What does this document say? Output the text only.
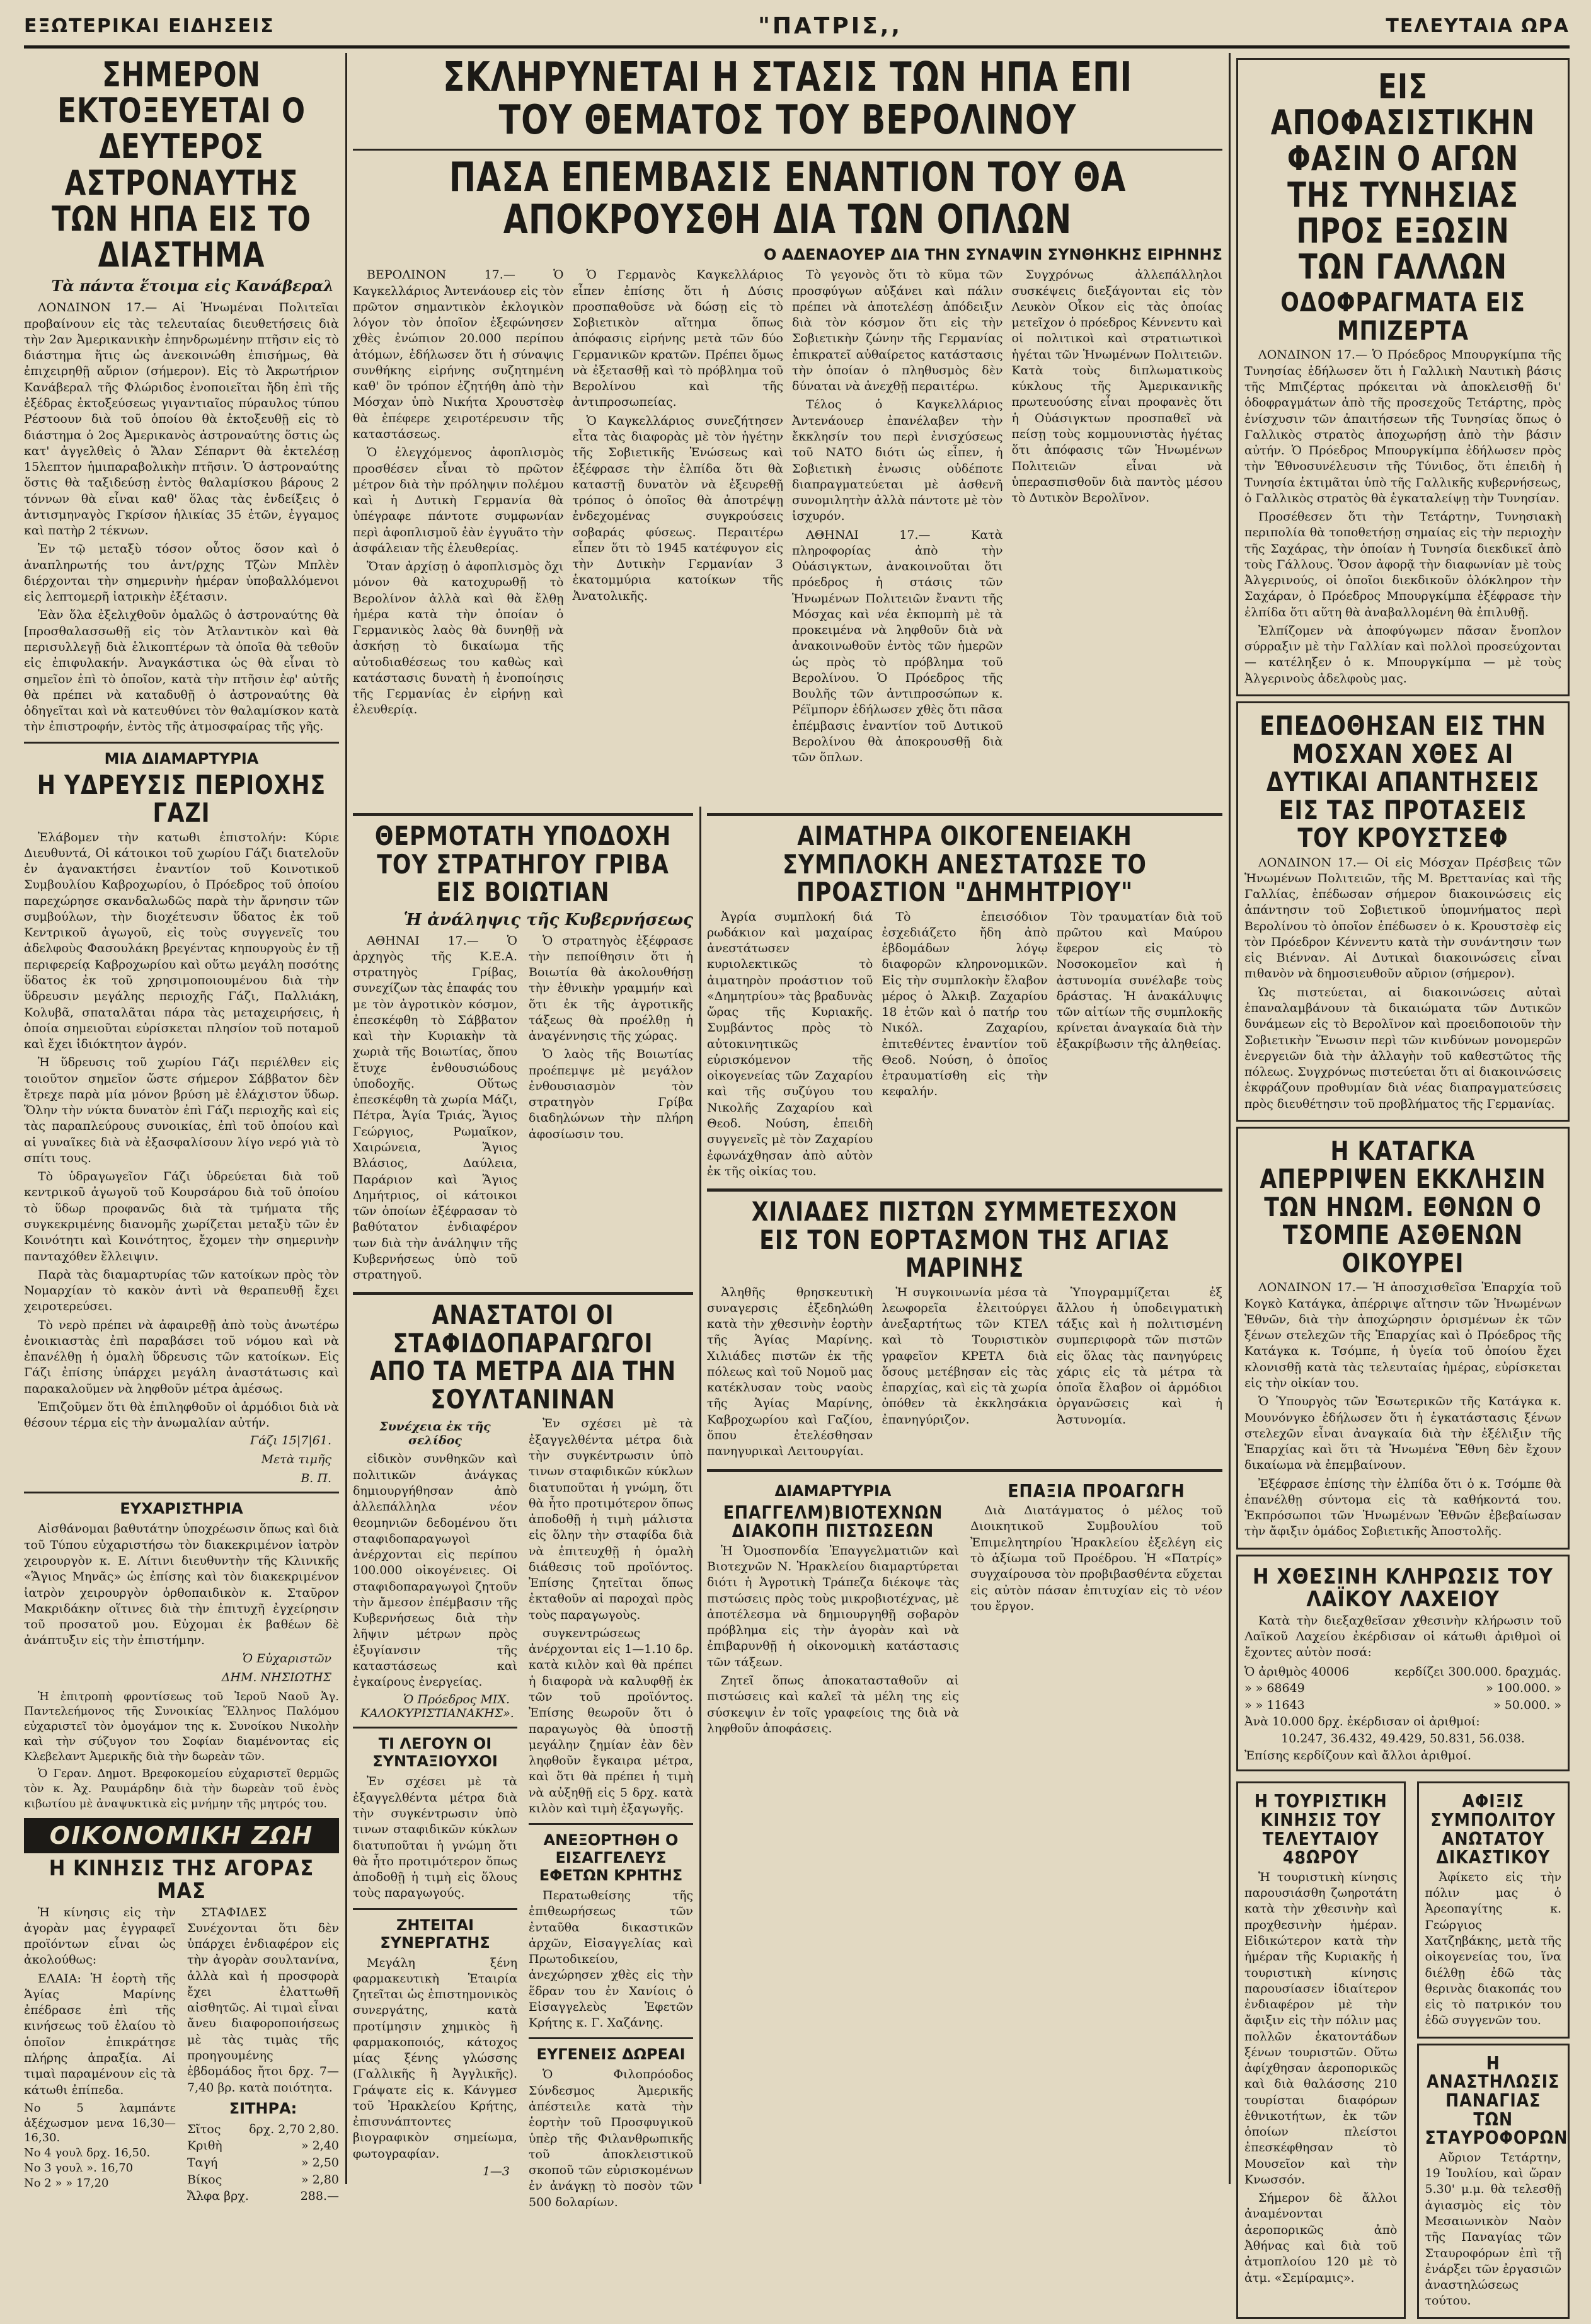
ΕΞΩΤΕΡΙΚΑΙ ΕΙΔΗΣΕΙΣ	"ΠΑΤΡΙΣ,,	ΤΕΛΕΥΤΑΙΑ ΩΡΑ
ΣΗΜΕΡΟΝ ΕΚΤΟΞΕΥΕΤΑΙ Ο ΔΕΥΤΕΡΟΣ ΑΣΤΡΟΝΑΥΤΗΣ ΤΩΝ ΗΠΑ ΕΙΣ ΤΟ ΔΙΑΣΤΗΜΑ
Τὰ πάντα ἕτοιμα εἰς Κανάβεραλ

ΛΟΝΔΙΝΟΝ 17.— Αἱ Ἡνωμέναι Πολιτεῖαι προβαίνουν εἰς τὰς τελευταίας διευθετήσεις διὰ τὴν 2αν Ἀμερικανικὴν ἐπηνδρωμένην πτῆσιν εἰς τὸ διάστημα ἥτις ὡς ἀνεκοινώθη ἐπισήμως, θὰ ἐπιχειρηθῇ αὔριον (σήμερον). Εἰς τὸ Ἀκρωτήριον Κανάβεραλ τῆς Φλώριδος ἐνοποιεῖται ἤδη ἐπὶ τῆς ἐξέδρας ἐκτοξεύσεως γιγαντιαῖος πύραυλος τύπου Ρέστοουν διὰ τοῦ ὁποίου θὰ ἐκτοξευθῇ εἰς τὸ διάστημα ὁ 2ος Ἀμερικανὸς ἀστροναύτης ὅστις ὡς κατ' ἀγγελθεὶς ὁ Ἄλαν Σέπαρντ θὰ ἐκτελέσῃ 15λεπτον ἡμιπαραβολικὴν πτῆσιν. Ὁ ἀστροναύτης ὅστις θὰ ταξιδεύσῃ ἐντὸς θαλαμίσκου βάρους 2 τόννων θὰ εἶναι καθ' ὅλας τὰς ἐνδείξεις ὁ ἀντισμηναγὸς Γκρίσον ἡλικίας 35 ἐτῶν, ἐγγαμος καὶ πατὴρ 2 τέκνων.

Ἐν τῷ μεταξὺ τόσον οὗτος ὅσον καὶ ὁ ἀναπληρωτής του ἀντ/ρχης Τζὼν Μπλὲν διέρχονται τὴν σημερινὴν ἡμέραν ὑποβαλλόμενοι εἰς λεπτομερῆ ἰατρικὴν ἐξέτασιν.

Ἐὰν ὅλα ἐξελιχθοῦν ὁμαλῶς ὁ ἀστροναύτης θὰ [προσθαλασσωθῇ εἰς τὸν Ἀτλαντικὸν καὶ θὰ περισυλλεγῇ διὰ ἑλικοπτέρων τὰ ὁποῖα θὰ τεθοῦν εἰς ἐπιφυλακήν. Ἀναγκάστικα ὡς θὰ εἶναι τὸ σημεῖον ἐπὶ τὸ ὁποῖον, κατὰ τὴν πτῆσιν ἐφ' αὐτῆς θὰ πρέπει νὰ καταδυθῇ ὁ ἀστροναύτης θὰ ὁδηγεῖται καὶ νὰ κατευθύνει τὸν θαλαμίσκον κατὰ τὴν ἐπιστροφήν, ἐντὸς τῆς ἀτμοσφαίρας τῆς γῆς.

ΜΙΑ ΔΙΑΜΑΡΤΥΡΙΑ
Η ΥΔΡΕΥΣΙΣ ΠΕΡΙΟΧΗΣ ΓΑΖΙ

Ἐλάβομεν τὴν κατωθι ἐπιστολήν: Κύριε Διευθυντά, Οἱ κάτοικοι τοῦ χωρίου Γάζι διατελοῦν ἐν ἀγανακτήσει ἐναντίον τοῦ Κοινοτικοῦ Συμβουλίου Καβροχωρίου, ὁ Πρόεδρος τοῦ ὁποίου παρεχώρησε σκανδαλωδῶς παρὰ τὴν ἄρνησιν τῶν συμβούλων, τὴν διοχέτευσιν ὕδατος ἐκ τοῦ Κεντρικοῦ ἀγωγοῦ, εἰς τοὺς συγγενεῖς του ἀδελφοὺς Φασουλάκη βρεγέντας κηπουργοὺς ἐν τῇ περιφερείᾳ Καβροχωρίου καὶ οὕτω μεγάλη ποσότης ὕδατος ἐκ τοῦ χρησιμοποιουμένου διὰ τὴν ὕδρευσιν μεγάλης περιοχῆς Γάζι, Παλλιάκη, Κολυβᾶ, σπαταλᾶται πάρα τὰς μεταχειρήσεις, ἡ ὁποία σημειοῦται εὐρίσκεται πλησίον τοῦ ποταμοῦ καὶ ἔχει ἰδιόκτητον ἀγρόν.

Ἡ ὕδρευσις τοῦ χωρίου Γάζι περιέλθεν εἰς τοιοῦτον σημεῖον ὥστε σήμερον Σάββατον δὲν ἔτρεχε παρὰ μία μόνον βρύση μὲ ἐλάχιστον ὕδωρ. Ὅλην τὴν νύκτα δυνατὸν ἐπὶ Γάζι περιοχῆς καὶ εἰς τὰς παραπλεύρους συνοικίας, ἐπὶ τοῦ ὁποίου καὶ αἱ γυναῖκες διὰ νὰ ἐξασφαλίσουν λίγο νερό γιὰ τὸ σπίτι τους.

Τὸ ὑδραγωγεῖον Γάζι ὑδρεύεται διὰ τοῦ κεντρικοῦ ἀγωγοῦ τοῦ Κουρσάρου διὰ τοῦ ὁποίου τὸ ὕδωρ προφανῶς διὰ τὰ τμήματα τῆς συγκεκριμένης διανομῆς χωρίζεται μεταξὺ τῶν ἐν Κοινότητι καὶ Κοινότητος, ἔχομεν τὴν σημερινὴν πανταχόθεν ἔλλειψιν.

Παρὰ τὰς διαμαρτυρίας τῶν κατοίκων πρὸς τὸν Νομαρχίαν τὸ κακὸν ἀντὶ νὰ θεραπευθῇ ἔχει χειροτερεύσει.

Τὸ νερὸ πρέπει νὰ ἀφαιρεθῇ ἀπὸ τοὺς ἀνωτέρω ἐνοικιαστὰς ἐπὶ παραβάσει τοῦ νόμου καὶ νὰ ἐπανέλθῃ ἡ ὁμαλὴ ὕδρευσις τῶν κατοίκων. Εἰς Γάζι ἐπίσης ὑπάρχει μεγάλη ἀναστάτωσις καὶ παρακαλοῦμεν νὰ ληφθοῦν μέτρα ἀμέσως.

Ἐπιζοῦμεν ὅτι θὰ ἐπιληφθοῦν οἱ ἁρμόδιοι διὰ νὰ θέσουν τέρμα εἰς τὴν ἀνωμαλίαν αὐτήν.

Γάζι 15|7|61.
Μετὰ τιμῆς
Β. Π.
ΕΥΧΑΡΙΣΤΗΡΙΑ

Αἰσθάνομαι βαθυτάτην ὑποχρέωσιν ὅπως καὶ διὰ τοῦ Τύπου εὐχαριστήσω τὸν διακεκριμένον ἰατρὸν χειρουργὸν κ. Ε. Λίτινι διευθυντὴν τῆς Κλινικῆς «Ἅγιος Μηνᾶς» ὡς ἐπίσης καὶ τὸν διακεκριμένον ἰατρὸν χειρουργὸν ὁρθοπαιδικὸν κ. Σταῦρον Μακριδάκην οἵτινες διὰ τὴν ἐπιτυχῆ ἐγχείρησιν τοῦ προσατοῦ μου. Εὐχομαι ἐκ βαθέων δὲ ἀνάπτυξιν εἰς τὴν ἐπιστήμην.

Ὁ Εὐχαριστῶν
ΔΗΜ. ΝΗΣΙΩΤΗΣ

Ἡ ἐπιτροπὴ φροντίσεως τοῦ Ἱεροῦ Ναοῦ Ἁγ. Παντελεήμονος τῆς Συνοικίας Ἕλληνος Παλόμου εὐχαριστεῖ τὸν ὁμογάμον της κ. Συνοίκου Νικολὴν καὶ τὴν σύζυγον του Σοφίαν διαμένοντας εἰς Κλεβελαντ Ἀμερικῆς διὰ τὴν δωρεὰν τῶν.

Ὁ Γεραν. Δημοτ. Βρεφοκομείου εὐχαριστεῖ θερμῶς τὸν κ. Ἀχ. Ραυμάρδην διὰ τὴν δωρεὰν τοῦ ἐνὸς κιβωτίου μὲ ἀναψυκτικὰ εἰς μνήμην τῆς μητρός του.

ΟΙΚΟΝΟΜΙΚΗ ΖΩΗ
Η ΚΙΝΗΣΙΣ ΤΗΣ ΑΓΟΡΑΣ ΜΑΣ

Ἡ κίνησις εἰς τὴν ἀγορὰν μας ἐγγραφεῖ προϊόντων εἶναι ὡς ἀκολούθως:

ΕΛΑΙΑ: Ἡ ἑορτὴ τῆς Ἁγίας Μαρίνης ἐπέδρασε ἐπὶ τῆς κινήσεως τοῦ ἐλαίου τὸ ὁποῖον ἐπικράτησε πλήρης ἀπραξία. Αἱ τιμαὶ παραμένουν εἰς τὰ κάτωθι ἐπίπεδα.

Νο 5 λαμπάντε ἀξέχωσμον μενα 16,30—16,30.
Νο 4 γουλ δρχ. 16,50.
Νο 3 γουλ ». 16,70
Νο 2 » » 17,20

ΣΤΑΦΙΔΕΣ Συνέχονται ὅτι δὲν ὑπάρχει ἐνδιαφέρον εἰς τὴν ἀγορὰν σουλτανίνα, ἀλλὰ καὶ ἡ προσφορὰ ἔχει ἐλαττωθῆ αἰσθητῶς. Αἱ τιμαὶ εἶναι ἄνευ διαφοροποιήσεως μὲ τὰς τιμὰς τῆς προηγουμένης ἑβδομάδος ἤτοι δρχ. 7—7,40 βρ. κατὰ ποιότητα.

ΣΙΤΗΡΑ:
Σῖτος δρχ. 2,70 2,80.
Κριθὴ	» 2,40
Ταγή	» 2,50
Βίκος	» 2,80
Ἄλφα βρχ.	288.—
ΣΚΛΗΡΥΝΕΤΑΙ Η ΣΤΑΣΙΣ ΤΩΝ ΗΠΑ ΕΠΙ ΤΟΥ ΘΕΜΑΤΟΣ ΤΟΥ ΒΕΡΟΛΙΝΟΥ
ΠΑΣΑ ΕΠΕΜΒΑΣΙΣ ΕΝΑΝΤΙΟΝ ΤΟΥ ΘΑ ΑΠΟΚΡΟΥΣΘΗ ΔΙΑ ΤΩΝ ΟΠΛΩΝ
Ο ΑΔΕΝΑΟΥΕΡ ΔΙΑ ΤΗΝ ΣΥΝΑΨΙΝ ΣΥΝΘΗΚΗΣ ΕΙΡΗΝΗΣ

ΒΕΡΟΛΙΝΟΝ 17.— Ὁ Καγκελλάριος Ἀντενάουερ εἰς τὸν πρῶτον σημαντικὸν ἐκλογικὸν λόγον τὸν ὁποῖον ἐξεφώνησεν χθὲς ἐνώπιον 20.000 περίπου ἀτόμων, ἐδήλωσεν ὅτι ἡ σύναψις συνθήκης εἰρήνης συζητημένη καθ' ὃν τρόπον ἐζητήθη ἀπὸ τὴν Μόσχαν ὑπὸ Νικήτα Χρουστσὲφ θὰ ἐπέφερε χειροτέρευσιν τῆς καταστάσεως.

Ὁ ἐλεγχόμενος ἀφοπλισμὸς προσθέσεν εἶναι τὸ πρῶτον μέτρον διὰ τὴν πρόληψιν πολέμου καὶ ἡ Δυτικὴ Γερμανία θὰ ὑπέγραφε πάντοτε συμφωνίαν περὶ ἀφοπλισμοῦ ἐὰν ἐγγυᾶτο τὴν ἀσφάλειαν τῆς ἐλευθερίας.

Ὅταν ἀρχίσῃ ὁ ἀφοπλισμὸς ὄχι μόνον θὰ κατοχυρωθῇ τὸ Βερολίνον ἀλλὰ καὶ θὰ ἔλθῃ ἡμέρα κατὰ τὴν ὁποίαν ὁ Γερμανικὸς λαὸς θὰ δυνηθῇ νὰ ἀσκήσῃ τὸ δικαίωμα τῆς αὐτοδιαθέσεως του καθὼς καὶ κατάστασις δυνατὴ ἡ ἐνοποίησις τῆς Γερμανίας ἐν εἰρήνῃ καὶ ἐλευθερίᾳ.

Ὁ Γερμανὸς Καγκελλάριος εἶπεν ἐπίσης ὅτι ἡ Δύσις προσπαθοῦσε νὰ δώσῃ εἰς τὸ Σοβιετικὸν αἴτημα ὅπως ἀπόφασις εἰρήνης μετὰ τῶν δύο Γερμανικῶν κρατῶν. Πρέπει ὅμως νὰ ἐξετασθῇ καὶ τὸ πρόβλημα τοῦ Βερολίνου καὶ τῆς ἀντιπροσωπείας.

Ὁ Καγκελλάριος συνεζήτησεν εἶτα τὰς διαφορὰς μὲ τὸν ἡγέτην τῆς Σοβιετικῆς Ἑνώσεως καὶ ἐξέφρασε τὴν ἐλπίδα ὅτι θὰ καταστῇ δυνατὸν νὰ ἐξευρεθῇ τρόπος ὁ ὁποῖος θὰ ἀποτρέψῃ ἐνδεχομένας συγκρούσεις σοβαράς φύσεως. Περαιτέρω εἶπεν ὅτι τὸ 1945 κατέφυγον εἰς τὴν Δυτικὴν Γερμανίαν 3 ἑκατομμύρια κατοίκων τῆς Ἀνατολικῆς.

Τὸ γεγονὸς ὅτι τὸ κῦμα τῶν προσφύγων αὐξάνει καὶ πάλιν πρέπει νὰ ἀποτελέσῃ ἀπόδειξιν διὰ τὸν κόσμον ὅτι εἰς τὴν Σοβιετικὴν ζώνην τῆς Γερμανίας ἐπικρατεῖ αὐθαίρετος κατάστασις τὴν ὁποίαν ὁ πληθυσμὸς δὲν δύναται νὰ ἀνεχθῇ περαιτέρω.

Τέλος ὁ Καγκελλάριος Ἀντενάουερ ἐπανέλαβεν τὴν ἔκκλησίν του περὶ ἐνισχύσεως τοῦ ΝΑΤΟ διότι ὡς εἶπεν, ἡ Σοβιετικὴ ἐνωσις οὐδέποτε διαπραγματεύεται μὲ ἀσθενῆ συνομιλητὴν ἀλλὰ πάντοτε μὲ τὸν ἰσχυρόν.

ΑΘΗΝΑΙ 17.— Κατὰ πληροφορίας ἀπὸ τὴν Οὐάσιγκτων, ἀνακοινοῦται ὅτι πρόεδρος ἡ στάσις τῶν Ἡνωμένων Πολιτειῶν ἔναντι τῆς Μόσχας καὶ νέα ἐκπομπὴ μὲ τὰ προκειμένα νὰ ληφθοῦν διὰ νὰ ἀνακοινωθοῦν ἐντὸς τῶν ἡμερῶν ὡς πρὸς τὸ πρόβλημα τοῦ Βερολίνου. Ὁ Πρόεδρος τῆς Βουλῆς τῶν ἀντιπροσώπων κ. Ρέϊμπορν ἐδήλωσεν χθὲς ὅτι πᾶσα ἐπέμβασις ἐναντίον τοῦ Δυτικοῦ Βερολίνου θὰ ἀποκρουσθῇ διὰ τῶν ὅπλων.

Συγχρόνως ἀλλεπάλληλοι συσκέψεις διεξάγονται εἰς τὸν Λευκὸν Οἶκον εἰς τὰς ὁποίας μετεῖχον ὁ πρόεδρος Κέννεντυ καὶ οἱ πολιτικοὶ καὶ στρατιωτικοὶ ἡγέται τῶν Ἡνωμένων Πολιτειῶν. Κατὰ τοὺς διπλωματικοὺς κύκλους τῆς Ἀμερικανικῆς πρωτευούσης εἶναι προφανὲς ὅτι ἡ Οὐάσιγκτων προσπαθεῖ νὰ πείσῃ τοὺς κομμουνιστὰς ἡγέτας ὅτι ἀπόφασις τῶν Ἡνωμένων Πολιτειῶν εἶναι νὰ ὑπερασπισθοῦν διὰ παντὸς μέσου τὸ Δυτικὸν Βερολῖνον.

ΘΕΡΜΟΤΑΤΗ ΥΠΟΔΟΧΗ ΤΟΥ ΣΤΡΑΤΗΓΟΥ ΓΡΙΒΑ ΕΙΣ ΒΟΙΩΤΙΑΝ
Ἡ ἀνάληψις τῆς Κυβερνήσεως

ΑΘΗΝΑΙ 17.— Ὁ ἀρχηγὸς τῆς Κ.Ε.Α. στρατηγὸς Γρίβας, συνεχίζων τὰς ἐπαφάς του με τὸν ἀγροτικὸν κόσμον, ἐπεσκέφθη τὸ Σάββατον καὶ τὴν Κυριακὴν τὰ χωριὰ τῆς Βοιωτίας, ὅπου ἔτυχε ἐνθουσιώδους ὑποδοχῆς. Οὕτως ἐπεσκέφθη τὰ χωρία Μάζι, Πέτρα, Ἁγία Τριάς, Ἅγιος Γεώργιος, Ρωμαῖκον, Χαιρώνεια, Ἅγιος Βλάσιος, Δαύλεια, Παράριον καὶ Ἅγιος Δημήτριος, οἱ κάτοικοι τῶν ὁποίων ἐξέφρασαν τὸ βαθύτατον ἐνδιαφέρον των διὰ τὴν ἀνάληψιν τῆς Κυβερνήσεως ὑπὸ τοῦ στρατηγοῦ.

Ὁ στρατηγὸς ἐξέφρασε τὴν πεποίθησιν ὅτι ἡ Βοιωτία θὰ ἀκολουθήσῃ τὴν ἐθνικὴν γραμμήν καὶ ὅτι ἐκ τῆς ἀγροτικῆς τάξεως θὰ προέλθῃ ἡ ἀναγέννησις τῆς χώρας.

Ὁ λαὸς τῆς Βοιωτίας προέπεμψε μὲ μεγάλον ἐνθουσιασμὸν τὸν στρατηγὸν Γρίβα διαδηλώνων τὴν πλήρη ἀφοσίωσιν του.

ΑΝΑΣΤΑΤΟΙ ΟΙ ΣΤΑΦΙΔΟΠΑΡΑΓΩΓΟΙ ΑΠΟ ΤΑ ΜΕΤΡΑ ΔΙΑ ΤΗΝ ΣΟΥΛΤΑΝΙΝΑΝ
Συνέχεια ἐκ τῆς σελίδος

εἰδικὸν συνθηκῶν καὶ πολιτικῶν ἀνάγκας δημιουργήθησαν ἀπὸ ἀλλεπάλληλα νέον θεομηνιῶν δεδομένου ὅτι σταφιδοπαραγωγοὶ ἀνέρχονται εἰς περίπου 100.000 οἰκογένειες. Οἱ σταφιδοπαραγωγοὶ ζητοῦν τὴν ἄμεσον ἐπέμβασιν τῆς Κυβερνήσεως διὰ τὴν λῆψιν μέτρων πρὸς ἐξυγίανσιν τῆς καταστάσεως καὶ ἐγκαίρους ἐνεργείας.

Ὁ Πρόεδρος ΜΙΧ. ΚΑΛΟΚΥΡΙΣΤΙΑΝΑΚΗΣ».
ΤΙ ΛΕΓΟΥΝ ΟΙ ΣΥΝΤΑΞΙΟΥΧΟΙ

Ἐν σχέσει μὲ τὰ ἐξαγγελθέντα μέτρα διὰ τὴν συγκέντρωσιν ὑπὸ τινων σταφιδικῶν κύκλων διατυποῦται ἡ γνώμη ὅτι θὰ ἦτο προτιμότερον ὅπως ἀποδοθῇ ἡ τιμὴ εἰς ὅλους τοὺς παραγωγούς.

ΖΗΤΕΙΤΑΙ ΣΥΝΕΡΓΑΤΗΣ

Μεγάλη ξένη φαρμακευτικὴ Ἑταιρία ζητεῖται ὡς ἐπιστημονικὸς συνεργάτης, κατὰ προτίμησιν χημικὸς ἢ φαρμακοποιός, κάτοχος μίας ξένης γλώσσης (Γαλλικῆς ἢ Ἀγγλικῆς). Γράψατε εἰς κ. Κάνγμεσ τοῦ Ἠρακλείου Κρήτης, ἐπισυνάπτοντες βιογραφικὸν σημείωμα, φωτογραφίαν.

1—3

Ἐν σχέσει μὲ τὰ ἐξαγγελθέντα μέτρα διὰ τὴν συγκέντρωσιν ὑπὸ τινων σταφιδικῶν κύκλων διατυποῦται ἡ γνώμη, ὅτι θὰ ἦτο προτιμότερον ὅπως ἀποδοθῇ ἡ τιμὴ μάλιστα εἰς ὅλην τὴν σταφίδα διὰ νὰ ἐπιτευχθῇ ἡ ὁμαλὴ διάθεσις τοῦ προϊόντος. Ἐπίσης ζητεῖται ὅπως ἐκταθοῦν αἱ παροχαὶ πρὸς τοὺς παραγωγοὺς.

συγκεντρώσεως ἀνέρχονται εἰς 1—1.10 δρ. κατὰ κιλὸν καὶ θὰ πρέπει ἡ διαφορὰ νὰ καλυφθῇ ἐκ τῶν τοῦ προϊόντος. Ἐπίσης θεωροῦν ὅτι ὁ παραγωγὸς θὰ ὑποστῇ μεγάλην ζημίαν ἐὰν δὲν ληφθοῦν ἔγκαιρα μέτρα, καὶ ὅτι θὰ πρέπει ἡ τιμὴ νὰ αὐξηθῇ εἰς 5 δρχ. κατὰ κιλὸν καὶ τιμὴ ἐξαγωγῆς.

ΑΝΕΞΟΡΤΗΘΗ Ο ΕΙΣΑΓΓΕΛΕΥΣ ΕΦΕΤΩΝ ΚΡΗΤΗΣ

Περατωθείσης τῆς ἐπιθεωρήσεως τῶν ἐνταῦθα δικαστικῶν ἀρχῶν, Εἰσαγγελίας καὶ Πρωτοδικείου, ἀνεχώρησεν χθὲς εἰς τὴν ἕδραν του ἐν Χανίοις ὁ Εἰσαγγελεὺς Ἐφετῶν Κρήτης κ. Γ. Χαζάνης.

ΕΥΓΕΝΕΙΣ ΔΩΡΕΑΙ

Ὁ Φιλοπρόοδος Σύνδεσμος Ἀμερικῆς ἀπέστειλε κατὰ τὴν ἑορτὴν τοῦ Προσφυγικοῦ ὑπὲρ τῆς Φιλανθρωπικῆς τοῦ ἀποκλειστικοῦ σκοποῦ τῶν εὐρισκομένων ἐν ἀνάγκῃ τὸ ποσὸν τῶν 500 δολαρίων.

ΑΙΜΑΤΗΡΑ ΟΙΚΟΓΕΝΕΙΑΚΗ ΣΥΜΠΛΟΚΗ ΑΝΕΣΤΑΤΩΣΕ ΤΟ ΠΡΟΑΣΤΙΟΝ "ΔΗΜΗΤΡΙΟΥ"

Ἀγρία συμπλοκή διά ρωδάκιον καὶ μαχαίρας ἀνεστάτωσεν κυριολεκτικῶς τὸ ἀιματηρὸν προάστιον τοῦ «Δημητρίου» τὰς βραδυνὰς ὥρας τῆς Κυριακῆς. Συμβάντος πρὸς τὸ αὐτοκινητικῶς εὐρισκόμενον τῆς οἰκογενείας τῶν Ζαχαρίου καὶ τῆς συζύγου του Νικολῆς Ζαχαρίου καὶ Θεοδ. Νούση, ἐπειδὴ συγγενεῖς μὲ τὸν Ζαχαρίου ἐφωνάχθησαν ἀπὸ αὐτὸν ἐκ τῆς οἰκίας του.

Τὸ ἐπεισόδιον ἐσχεδιάζετο ἤδη ἀπὸ ἑβδομάδων λόγῳ διαφορῶν κληρονομικῶν. Εἰς τὴν συμπλοκὴν ἔλαβον μέρος ὁ Ἀλκιβ. Ζαχαρίου 18 ἐτῶν καὶ ὁ πατήρ του Νικόλ. Ζαχαρίου, ἐπιτεθέντες ἐναντίον τοῦ Θεοδ. Νούση, ὁ ὁποῖος ἐτραυματίσθη εἰς τὴν κεφαλήν.

Τὸν τραυματίαν διὰ τοῦ πρῶτου καὶ Μαύρου ἔφερον εἰς τὸ Νοσοκομεῖον καὶ ἡ ἀστυνομία συνέλαβε τοὺς δράστας. Ἡ ἀνακάλυψις τῶν αἰτίων τῆς συμπλοκῆς κρίνεται ἀναγκαία διὰ τὴν ἐξακρίβωσιν τῆς ἀληθείας.

ΧΙΛΙΑΔΕΣ ΠΙΣΤΩΝ ΣΥΜΜΕΤΕΣΧΟΝ ΕΙΣ ΤΟΝ ΕΟΡΤΑΣΜΟΝ ΤΗΣ ΑΓΙΑΣ ΜΑΡΙΝΗΣ

Ἀληθῆς θρησκευτικὴ συναγερσις ἐξεδηλώθη κατὰ τὴν χθεσινὴν ἑορτὴν τῆς Ἁγίας Μαρίνης. Χιλιάδες πιστῶν ἐκ τῆς πόλεως καὶ τοῦ Νομοῦ μας κατέκλυσαν τοὺς ναοὺς τῆς Ἁγίας Μαρίνης, Καβροχωρίου καὶ Γαζίου, ὅπου ἐτελέσθησαν πανηγυρικαὶ Λειτουργίαι.

Ἡ συγκοινωνία μέσα τὰ λεωφορεῖα ἐλειτούργει ἀνεξαρτήτως τῶν ΚΤΕΛ καὶ τὸ Τουριστικὸν γραφεῖον ΚΡΕΤΑ διὰ ὅσους μετέβησαν εἰς τὰς ἐπαρχίας, καὶ εἰς τὰ χωρία ὁπόθεν τὰ ἐκκλησάκια ἐπανηγύριζον.

Ὑπογραμμίζεται ἐξ ἄλλου ἡ ὑποδειγματικὴ τάξις καὶ ἡ πολιτισμένη συμπεριφορὰ τῶν πιστῶν εἰς ὅλας τὰς πανηγύρεις χάρις εἰς τὰ μέτρα τὰ ὁποῖα ἔλαβον οἱ ἁρμόδιοι ὀργανῶσεις καὶ ἡ Ἀστυνομία.

ΔΙΑΜΑΡΤΥΡΙΑ
ΕΠΑΓΓΕΛΜ)ΒΙΟΤΕΧΝΩΝ ΔΙΑΚΟΠΗ ΠΙΣΤΩΣΕΩΝ

Ἡ Ὁμοσπονδία Ἐπαγγελματιῶν καὶ Βιοτεχνῶν Ν. Ἡρακλείου διαμαρτύρεται διότι ἡ Ἀγροτικὴ Τράπεζα διέκοψε τὰς πιστώσεις πρὸς τοὺς μικροβιοτέχνας, μὲ ἀποτέλεσμα νὰ δημιουργηθῇ σοβαρὸν πρόβλημα εἰς τὴν ἀγορὰν καὶ νὰ ἐπιβαρυνθῇ ἡ οἰκονομικὴ κατάστασις τῶν τάξεων.

Ζητεῖ ὅπως ἀποκατασταθοῦν αἱ πιστώσεις καὶ καλεῖ τὰ μέλη της εἰς σύσκεψιν ἐν τοῖς γραφείοις της διὰ νὰ ληφθοῦν ἀποφάσεις.

ΕΠΑΞΙΑ ΠΡΟΑΓΩΓΗ

Διὰ Διατάγματος ὁ μέλος τοῦ Διοικητικοῦ Συμβουλίου τοῦ Ἐπιμελητηρίου Ἡρακλείου ἐξελέγη εἰς τὸ ἀξίωμα τοῦ Προέδρου. Ἡ «Πατρίς» συγχαίρουσα τὸν προβιβασθέντα εὔχεται εἰς αὐτὸν πάσαν ἐπιτυχίαν εἰς τὸ νέον του ἔργον.

ΕΙΣ ΑΠΟΦΑΣΙΣΤΙΚΗΝ ΦΑΣΙΝ Ο ΑΓΩΝ ΤΗΣ ΤΥΝΗΣΙΑΣ ΠΡΟΣ ΕΞΩΣΙΝ ΤΩΝ ΓΑΛΛΩΝ
ΟΔΟΦΡΑΓΜΑΤΑ ΕΙΣ ΜΠΙΖΕΡΤΑ

ΛΟΝΔΙΝΟΝ 17.— Ὁ Πρόεδρος Μπουργκίμπα τῆς Τυνησίας ἐδήλωσεν ὅτι ἡ Γαλλικὴ Ναυτικὴ βάσις τῆς Μπιζέρτας πρόκειται νὰ ἀποκλεισθῇ δι' ὁδοφραγμάτων ἀπὸ τῆς προσεχοῦς Τετάρτης, πρὸς ἐνίσχυσιν τῶν ἀπαιτήσεων τῆς Τυνησίας ὅπως ὁ Γαλλικὸς στρατὸς ἀποχωρήσῃ ἀπὸ τὴν βάσιν αὐτήν. Ὁ Πρόεδρος Μπουργκίμπα ἐδήλωσεν πρὸς τὴν Ἐθνοσυνέλευσιν τῆς Τύνιδος, ὅτι ἐπειδὴ ἡ Τυνησία ἐκτιμᾶται ὑπὸ τῆς Γαλλικῆς κυβερνήσεως, ὁ Γαλλικὸς στρατὸς θὰ ἐγκαταλείψῃ τὴν Τυνησίαν.

Προσέθεσεν ὅτι τὴν Τετάρτην, Τυνησιακὴ περιπολία θὰ τοποθετήσῃ σημαίας εἰς τὴν περιοχὴν τῆς Σαχάρας, τὴν ὁποίαν ἡ Τυνησία διεκδικεῖ ἀπὸ τοὺς Γάλλους. Ὅσον ἀφορᾷ τὴν διαφωνίαν μὲ τοὺς Ἀλγερινούς, οἱ ὁποῖοι διεκδικοῦν ὁλόκληρον τὴν Σαχάραν, ὁ Πρόεδρος Μπουργκίμπα ἐξέφρασε τὴν ἐλπίδα ὅτι αὕτη θὰ ἀναβαλλομένη θὰ ἐπιλυθῇ.

Ἐλπίζομεν νὰ ἀποφύγωμεν πᾶσαν ἔνοπλον σύρραξιν μὲ τὴν Γαλλίαν καὶ πολλοὶ προσεύχονται — κατέληξεν ὁ κ. Μπουργκίμπα — μὲ τοὺς Ἀλγερινοὺς ἀδελφοὺς μας.

ΕΠΕΔΟΘΗΣΑΝ ΕΙΣ ΤΗΝ ΜΟΣΧΑΝ ΧΘΕΣ ΑΙ ΔΥΤΙΚΑΙ ΑΠΑΝΤΗΣΕΙΣ ΕΙΣ ΤΑΣ ΠΡΟΤΑΣΕΙΣ ΤΟΥ ΚΡΟΥΣΤΣΕΦ

ΛΟΝΔΙΝΟΝ 17.— Οἱ εἰς Μόσχαν Πρέσβεις τῶν Ἡνωμένων Πολιτειῶν, τῆς Μ. Βρεττανίας καὶ τῆς Γαλλίας, ἐπέδωσαν σήμερον διακοινώσεις εἰς ἀπάντησιν τοῦ Σοβιετικοῦ ὑπομνήματος περὶ Βερολίνου τὸ ὁποῖον ἐπέδωσεν ὁ κ. Κρουστσὲφ εἰς τὸν Πρόεδρον Κέννεντυ κατὰ τὴν συνάντησιν των εἰς Βιένναν. Αἱ Δυτικαὶ διακοινώσεις εἶναι πιθανὸν νὰ δημοσιευθοῦν αὔριον (σήμερον).

Ὡς πιστεύεται, αἱ διακοινώσεις αὐταὶ ἐπαναλαμβάνουν τὰ δικαιώματα τῶν Δυτικῶν δυνάμεων εἰς τὸ Βερολῖνον καὶ προειδοποιοῦν τὴν Σοβιετικὴν Ἕνωσιν περὶ τῶν κινδύνων μονομερῶν ἐνεργειῶν διὰ τὴν ἀλλαγὴν τοῦ καθεστῶτος τῆς πόλεως. Συγχρόνως πιστεύεται ὅτι αἱ διακοινώσεις ἐκφράζουν προθυμίαν διὰ νέας διαπραγματεύσεις πρὸς διευθέτησιν τοῦ προβλήματος τῆς Γερμανίας.

Η ΚΑΤΑΓΚΑ ΑΠΕΡΡΙΨΕΝ ΕΚΚΛΗΣΙΝ ΤΩΝ ΗΝΩΜ. ΕΘΝΩΝ Ο ΤΣΟΜΠΕ ΑΣΘΕΝΩΝ ΟΙΚΟΥΡΕΙ

ΛΟΝΔΙΝΟΝ 17.— Ἡ ἀποσχισθεῖσα Ἐπαρχία τοῦ Κογκὸ Κατάγκα, ἀπέρριψε αἴτησιν τῶν Ἡνωμένων Ἐθνῶν, διὰ τὴν ἀποχώρησιν ὁρισμένων ἐκ τῶν ξένων στελεχῶν τῆς Ἐπαρχίας καὶ ὁ Πρόεδρος τῆς Κατάγκα κ. Τσόμπε, ἡ ὑγεία τοῦ ὁποίου ἔχει κλονισθῇ κατὰ τὰς τελευταίας ἡμέρας, εὐρίσκεται εἰς τὴν οἰκίαν του.

Ὁ Ὑπουργὸς τῶν Ἐσωτερικῶν τῆς Κατάγκα κ. Μουνόνγκο ἐδήλωσεν ὅτι ἡ ἐγκατάστασις ξένων στελεχῶν εἶναι ἀναγκαία διὰ τὴν ἐξέλιξιν τῆς Ἐπαρχίας καὶ ὅτι τὰ Ἡνωμένα Ἔθνη δὲν ἔχουν δικαίωμα νὰ ἐπεμβαίνουν.

Ἐξέφρασε ἐπίσης τὴν ἐλπίδα ὅτι ὁ κ. Τσόμπε θὰ ἐπανέλθῃ σύντομα εἰς τὰ καθήκοντά του. Ἐκπρόσωποι τῶν Ἡνωμένων Ἐθνῶν ἐβεβαίωσαν τὴν ἄφιξιν ὁμάδος Σοβιετικῆς Ἀποστολῆς.

Η ΧΘΕΣΙΝΗ ΚΛΗΡΩΣΙΣ ΤΟΥ ΛΑΪΚΟΥ ΛΑΧΕΙΟΥ

Κατὰ τὴν διεξαχθεῖσαν χθεσινὴν κλήρωσιν τοῦ Λαϊκοῦ Λαχείου ἐκέρδισαν οἱ κάτωθι ἀριθμοὶ οἱ ἔχοντες αὐτὸν ποσά:

Ὁ ἀριθμὸς 40006	κερδίζει 300.000. δραχμάς.
» » 68649	» 100.000. »
» » 11643	» 50.000. »
Ἀνὰ 10.000 δρχ. ἐκέρδισαν οἱ ἀριθμοί:
10.247, 36.432, 49.429, 50.831, 56.038.
Ἐπίσης κερδίζουν καὶ ἄλλοι ἀριθμοί.
Η ΤΟΥΡΙΣΤΙΚΗ ΚΙΝΗΣΙΣ ΤΟΥ ΤΕΛΕΥΤΑΙΟΥ 48ΩΡΟΥ

Ἡ τουριστικὴ κίνησις παρουσιάσθη ζωηροτάτη κατὰ τὴν χθεσινὴν καὶ προχθεσινὴν ἡμέραν. Εἰδικώτερον κατὰ τὴν ἡμέραν τῆς Κυριακῆς ἡ τουριστικὴ κίνησις παρουσίασεν ἰδιαίτερον ἐνδιαφέρον μὲ τὴν ἄφιξιν εἰς τὴν πόλιν μας πολλῶν ἑκατοντάδων ξένων τουριστῶν. Οὕτω ἀφίχθησαν ἀεροπορικῶς καὶ διὰ θαλάσσης 210 τουρίσται διαφόρων ἐθνικοτήτων, ἐκ τῶν ὁποίων πλείστοι ἐπεσκέφθησαν τὸ Μουσεῖον καὶ τὴν Κνωσσόν.

Σήμερον δὲ ἄλλοι ἀναμένονται ἀεροπορικῶς ἀπὸ Ἀθήνας καὶ διὰ τοῦ ἀτμοπλοίου 120 μὲ τὸ ἀτμ. «Σεμίραμις».

ΑΦΙΞΙΣ ΣΥΜΠΟΛΙΤΟΥ ΑΝΩΤΑΤΟΥ ΔΙΚΑΣΤΙΚΟΥ

Ἀφίκετο εἰς τὴν πόλιν μας ὁ Ἀρεοπαγίτης κ. Γεώργιος Χατζηβάκης, μετὰ τῆς οἰκογενείας του, ἵνα διέλθῃ ἐδῶ τὰς θερινὰς διακοπάς του εἰς τὸ πατρικόν του ἑδῶ συγγενῶν του.

Η ΑΝΑΣΤΗΛΩΣΙΣ ΠΑΝΑΓΙΑΣ ΤΩΝ ΣΤΑΥΡΟΦΟΡΩΝ

Αὔριον Τετάρτην, 19 Ἰουλίου, καὶ ὥραν 5.30' μ.μ. θὰ τελεσθῇ ἁγιασμὸς εἰς τὸν Μεσαιωνικὸν Ναὸν τῆς Παναγίας τῶν Σταυροφόρων ἐπὶ τῇ ἐνάρξει τῶν ἐργασιῶν ἀναστηλώσεως τούτου.
